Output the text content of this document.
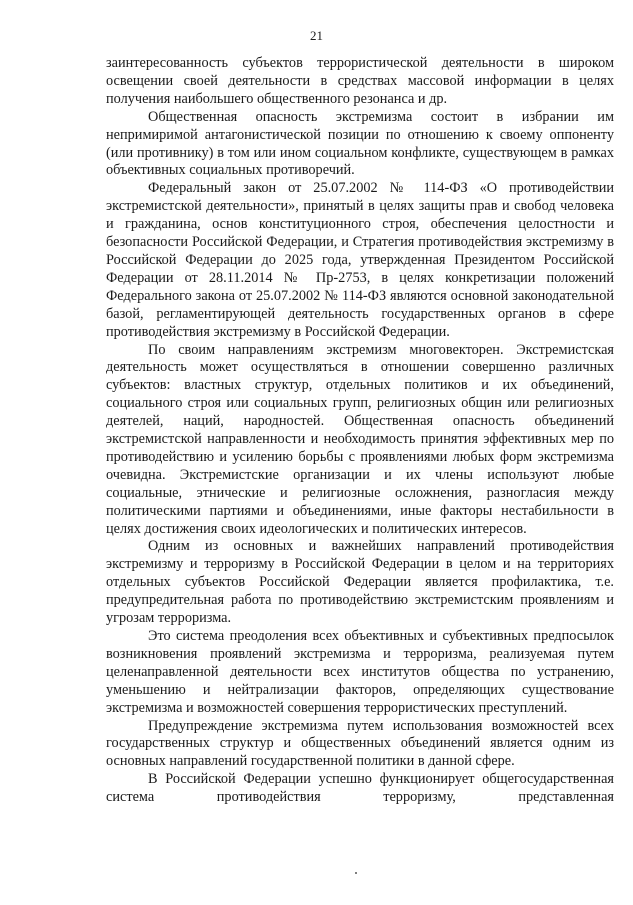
21

заинтересованность субъектов террористической деятельности в широком освещении своей деятельности в средствах массовой информации в целях получения наибольшего общественного резонанса и др.

Общественная опасность экстремизма состоит в избрании им непримиримой антагонистической позиции по отношению к своему оппоненту (или противнику) в том или ином социальном конфликте, существующем в рамках объективных социальных противоречий.

Федеральный закон от 25.07.2002 № 114-ФЗ «О противодействии экстремистской деятельности», принятый в целях защиты прав и свобод человека и гражданина, основ конституционного строя, обеспечения целостности и безопасности Российской Федерации, и Стратегия противодействия экстремизму в Российской Федерации до 2025 года, утвержденная Президентом Российской Федерации от 28.11.2014 № Пр-2753, в целях конкретизации положений Федерального закона от 25.07.2002 № 114-ФЗ являются основной законодательной базой, регламентирующей деятельность государственных органов в сфере противодействия экстремизму в Российской Федерации.

По своим направлениям экстремизм многовекторен. Экстремистская деятельность может осуществляться в отношении совершенно различных субъектов: властных структур, отдельных политиков и их объединений, социального строя или социальных групп, религиозных общин или религиозных деятелей, наций, народностей. Общественная опасность объединений экстремистской направленности и необходимость принятия эффективных мер по противодействию и усилению борьбы с проявлениями любых форм экстремизма очевидна. Экстремистские организации и их члены используют любые социальные, этнические и религиозные осложнения, разногласия между политическими партиями и объединениями, иные факторы нестабильности в целях достижения своих идеологических и политических интересов.

Одним из основных и важнейших направлений противодействия экстремизму и терроризму в Российской Федерации в целом и на территориях отдельных субъектов Российской Федерации является профилактика, т.е. предупредительная работа по противодействию экстремистским проявлениям и угрозам терроризма.

Это система преодоления всех объективных и субъективных предпосылок возникновения проявлений экстремизма и терроризма, реализуемая путем целенаправленной деятельности всех институтов общества по устранению, уменьшению и нейтрализации факторов, определяющих существование экстремизма и возможностей совершения террористических преступлений.

Предупреждение экстремизма путем использования возможностей всех государственных структур и общественных объединений является одним из основных направлений государственной политики в данной сфере.

В Российской Федерации успешно функционирует общегосударственная система противодействия терроризму, представленная
